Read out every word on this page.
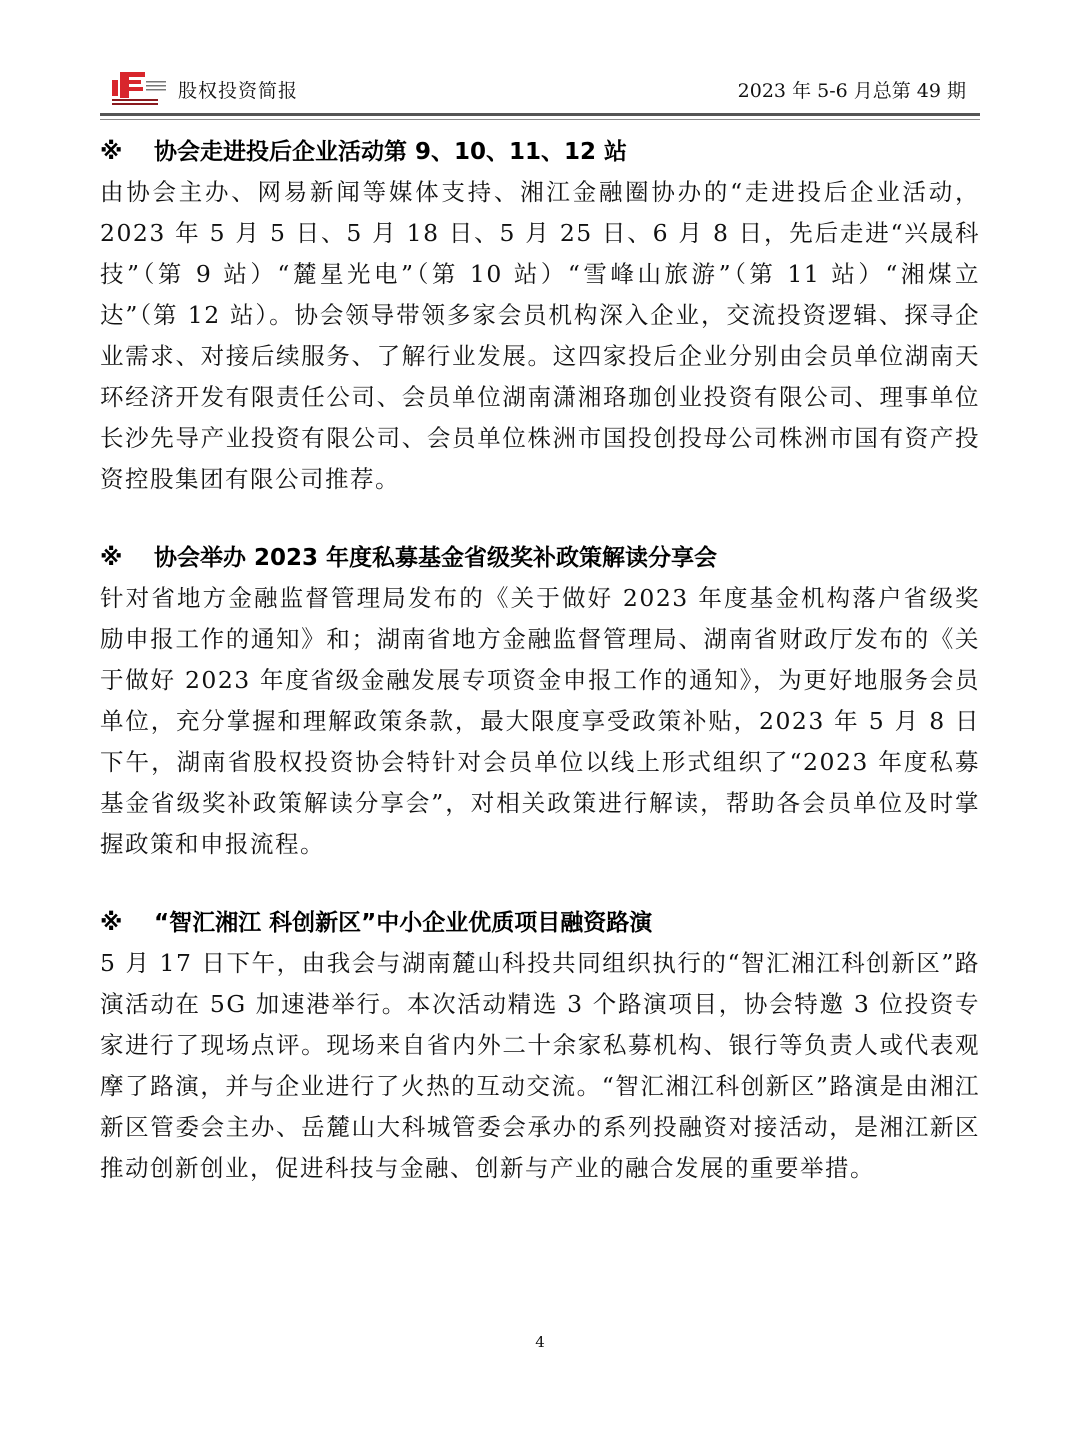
股权投资简报	2023 年 5-6 月总第 49 期
※ 协会走进投后企业活动第 9、10、11、12 站

由协会主办、网易新闻等媒体支持、湘江金融圈协办的“走进投后企业活动，2023 年 5 月 5 日、5 月 18 日、5 月 25 日、6 月 8 日，先后走进“兴晟科技”（第 9 站）“麓星光电”（第 10 站）“雪峰山旅游”（第 11 站）“湘煤立达”（第 12 站）。协会领导带领多家会员机构深入企业，交流投资逻辑、探寻企业需求、对接后续服务、了解行业发展。这四家投后企业分别由会员单位湖南天环经济开发有限责任公司、会员单位湖南潇湘珞珈创业投资有限公司、理事单位长沙先导产业投资有限公司、会员单位株洲市国投创投母公司株洲市国有资产投资控股集团有限公司推荐。

※ 协会举办 2023 年度私募基金省级奖补政策解读分享会

针对省地方金融监督管理局发布的《关于做好 2023 年度基金机构落户省级奖励申报工作的通知》和；湖南省地方金融监督管理局、湖南省财政厅发布的《关于做好 2023 年度省级金融发展专项资金申报工作的通知》，为更好地服务会员单位，充分掌握和理解政策条款，最大限度享受政策补贴，2023 年 5 月 8 日下午，湖南省股权投资协会特针对会员单位以线上形式组织了“2023 年度私募基金省级奖补政策解读分享会”，对相关政策进行解读，帮助各会员单位及时掌握政策和申报流程。

※ “智汇湘江 科创新区”中小企业优质项目融资路演

5 月 17 日下午，由我会与湖南麓山科投共同组织执行的“智汇湘江科创新区”路演活动在 5G 加速港举行。本次活动精选 3 个路演项目，协会特邀 3 位投资专家进行了现场点评。现场来自省内外二十余家私募机构、银行等负责人或代表观摩了路演，并与企业进行了火热的互动交流。“智汇湘江科创新区”路演是由湘江新区管委会主办、岳麓山大科城管委会承办的系列投融资对接活动，是湘江新区推动创新创业，促进科技与金融、创新与产业的融合发展的重要举措。

4
